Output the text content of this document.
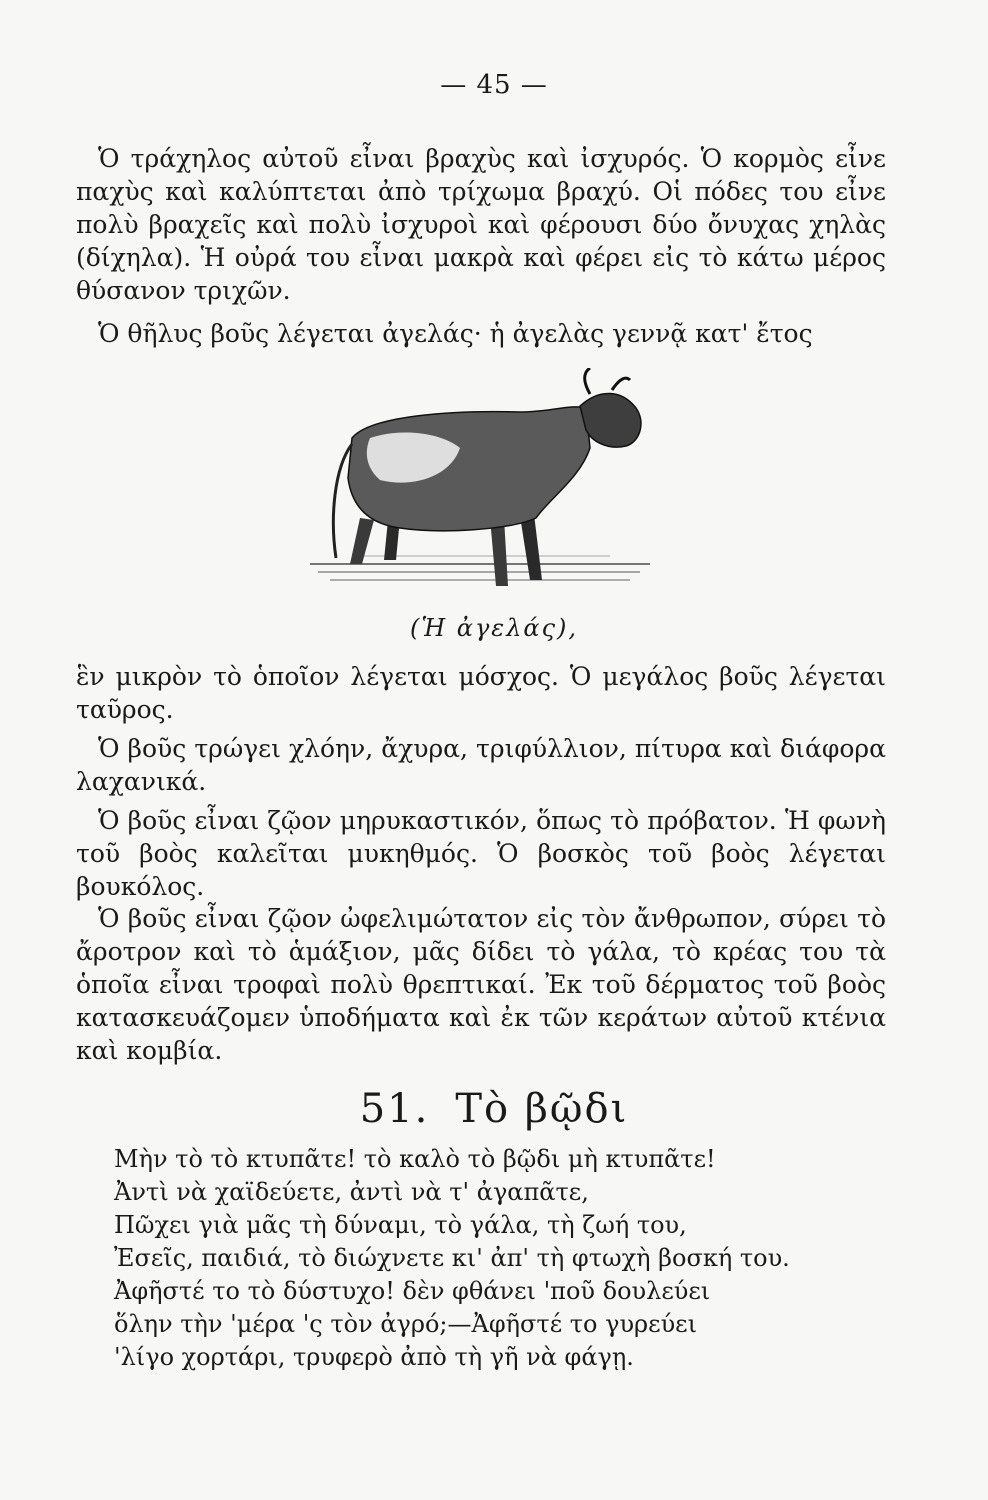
— 45 —

Ὁ τράχηλος αὐτοῦ εἶναι βραχὺς καὶ ἰσχυρός. Ὁ κορμὸς εἶνε παχὺς καὶ καλύπτεται ἀπὸ τρίχωμα βραχύ. Οἱ πόδες του εἶνε πολὺ βραχεῖς καὶ πολὺ ἰσχυροὶ καὶ φέρουσι δύο ὄνυχας χηλὰς (δίχηλα). Ἡ οὐρά του εἶναι μακρὰ καὶ φέρει εἰς τὸ κάτω μέρος θύσανον τριχῶν.

Ὁ θῆλυς βοῦς λέγεται ἀγελάς· ἡ ἀγελὰς γεννᾷ κατ' ἔτος

(Ἡ ἀγελάς),

ἓν μικρὸν τὸ ὁποῖον λέγεται μόσχος. Ὁ μεγάλος βοῦς λέγεται ταῦρος.

Ὁ βοῦς τρώγει χλόην, ἄχυρα, τριφύλλιον, πίτυρα καὶ διάφορα λαχανικά.

Ὁ βοῦς εἶναι ζῷον μηρυκαστικόν, ὅπως τὸ πρόβατον. Ἡ φωνὴ τοῦ βοὸς καλεῖται μυκηθμός. Ὁ βοσκὸς τοῦ βοὸς λέγεται βουκόλος.

Ὁ βοῦς εἶναι ζῷον ὠφελιμώτατον εἰς τὸν ἄνθρωπον, σύρει τὸ ἄροτρον καὶ τὸ ἁμάξιον, μᾶς δίδει τὸ γάλα, τὸ κρέας του τὰ ὁποῖα εἶναι τροφαὶ πολὺ θρεπτικαί. Ἐκ τοῦ δέρματος τοῦ βοὸς κατασκευάζομεν ὑποδήματα καὶ ἐκ τῶν κεράτων αὐτοῦ κτένια καὶ κομβία.

51. Τὸ βῷδι
Μὴν τὸ τὸ κτυπᾶτε! τὸ καλὸ τὸ βῷδι μὴ κτυπᾶτε!
Ἀντὶ νὰ χαϊδεύετε, ἀντὶ νὰ τ' ἀγαπᾶτε,
Πῶχει γιὰ μᾶς τὴ δύναμι, τὸ γάλα, τὴ ζωή του,
Ἐσεῖς, παιδιά, τὸ διώχνετε κι' ἀπ' τὴ φτωχὴ βοσκή του.
Ἀφῆστέ το τὸ δύστυχο! δὲν φθάνει 'ποῦ δουλεύει
ὅλην τὴν 'μέρα 'ς τὸν ἀγρό;—Ἀφῆστέ το γυρεύει
'λίγο χορτάρι, τρυφερὸ ἀπὸ τὴ γῆ νὰ φάγῃ.
